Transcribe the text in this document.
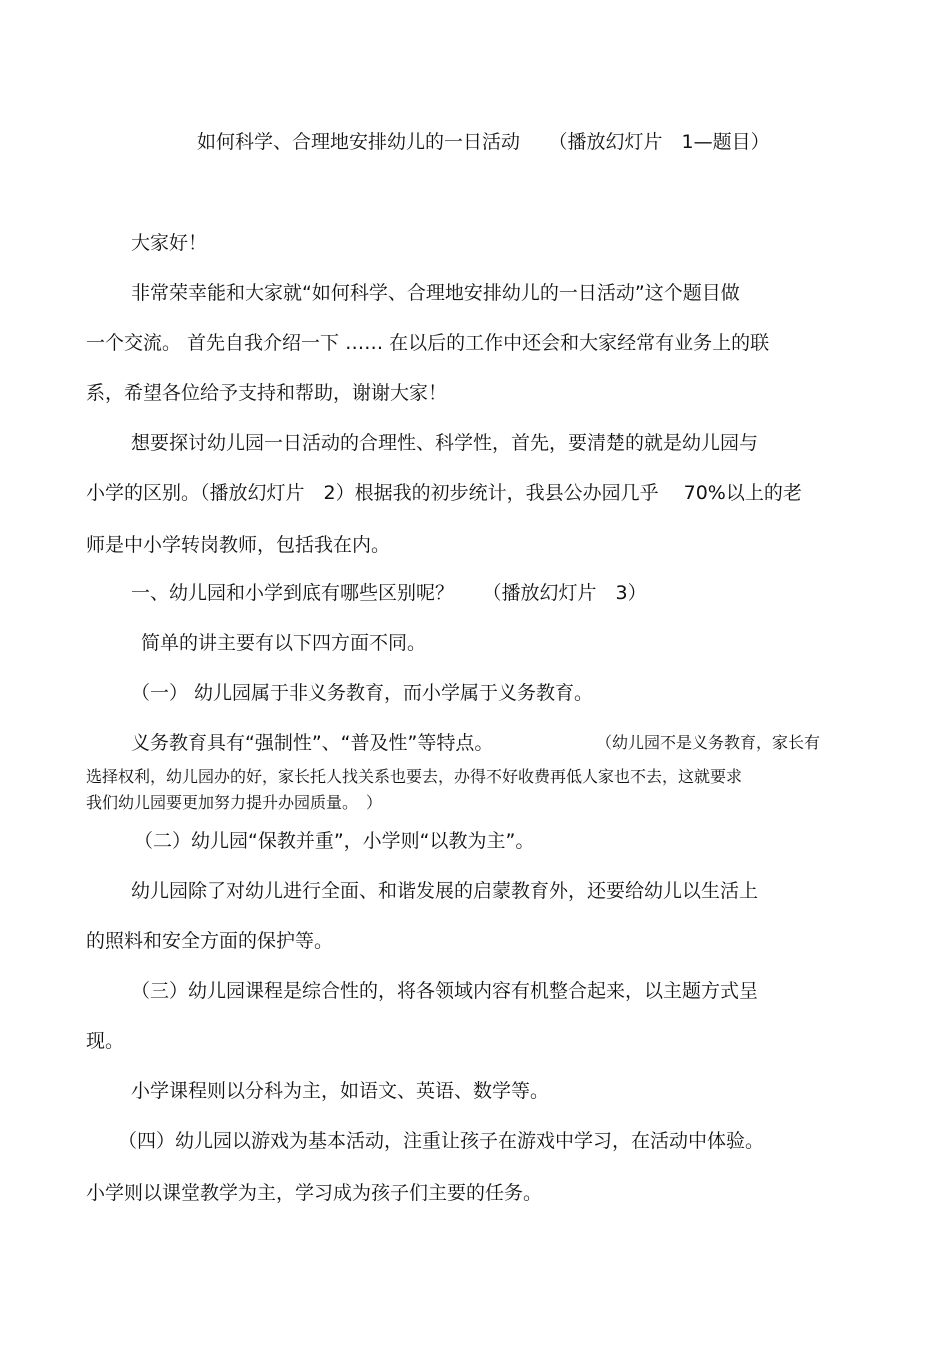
如何科学、合理地安排幼儿的一日活动　　（播放幻灯片　1—题目）
大家好！
非常荣幸能和大家就“如何科学、合理地安排幼儿的一日活动”这个题目做
一个交流。 首先自我介绍一下 …… 在以后的工作中还会和大家经常有业务上的联
系，希望各位给予支持和帮助，谢谢大家！
想要探讨幼儿园一日活动的合理性、科学性，首先，要清楚的就是幼儿园与
小学的区别。（播放幻灯片　2）根据我的初步统计，我县公办园几乎　 70%以上的老
师是中小学转岗教师，包括我在内。
一、幼儿园和小学到底有哪些区别呢？　　（播放幻灯片　3）
简单的讲主要有以下四方面不同。
（一） 幼儿园属于非义务教育，而小学属于义务教育。
义务教育具有“强制性”、“普及性”等特点。	（幼儿园不是义务教育，家长有
选择权利，幼儿园办的好，家长托人找关系也要去，办得不好收费再低人家也不去，这就要求
我们幼儿园要更加努力提升办园质量。　）
（二）幼儿园“保教并重”，小学则“以教为主”。
幼儿园除了对幼儿进行全面、和谐发展的启蒙教育外，还要给幼儿以生活上
的照料和安全方面的保护等。
（三）幼儿园课程是综合性的，将各领域内容有机整合起来，以主题方式呈
现。
小学课程则以分科为主，如语文、英语、数学等。
（四）幼儿园以游戏为基本活动，注重让孩子在游戏中学习，在活动中体验。
小学则以课堂教学为主，学习成为孩子们主要的任务。
